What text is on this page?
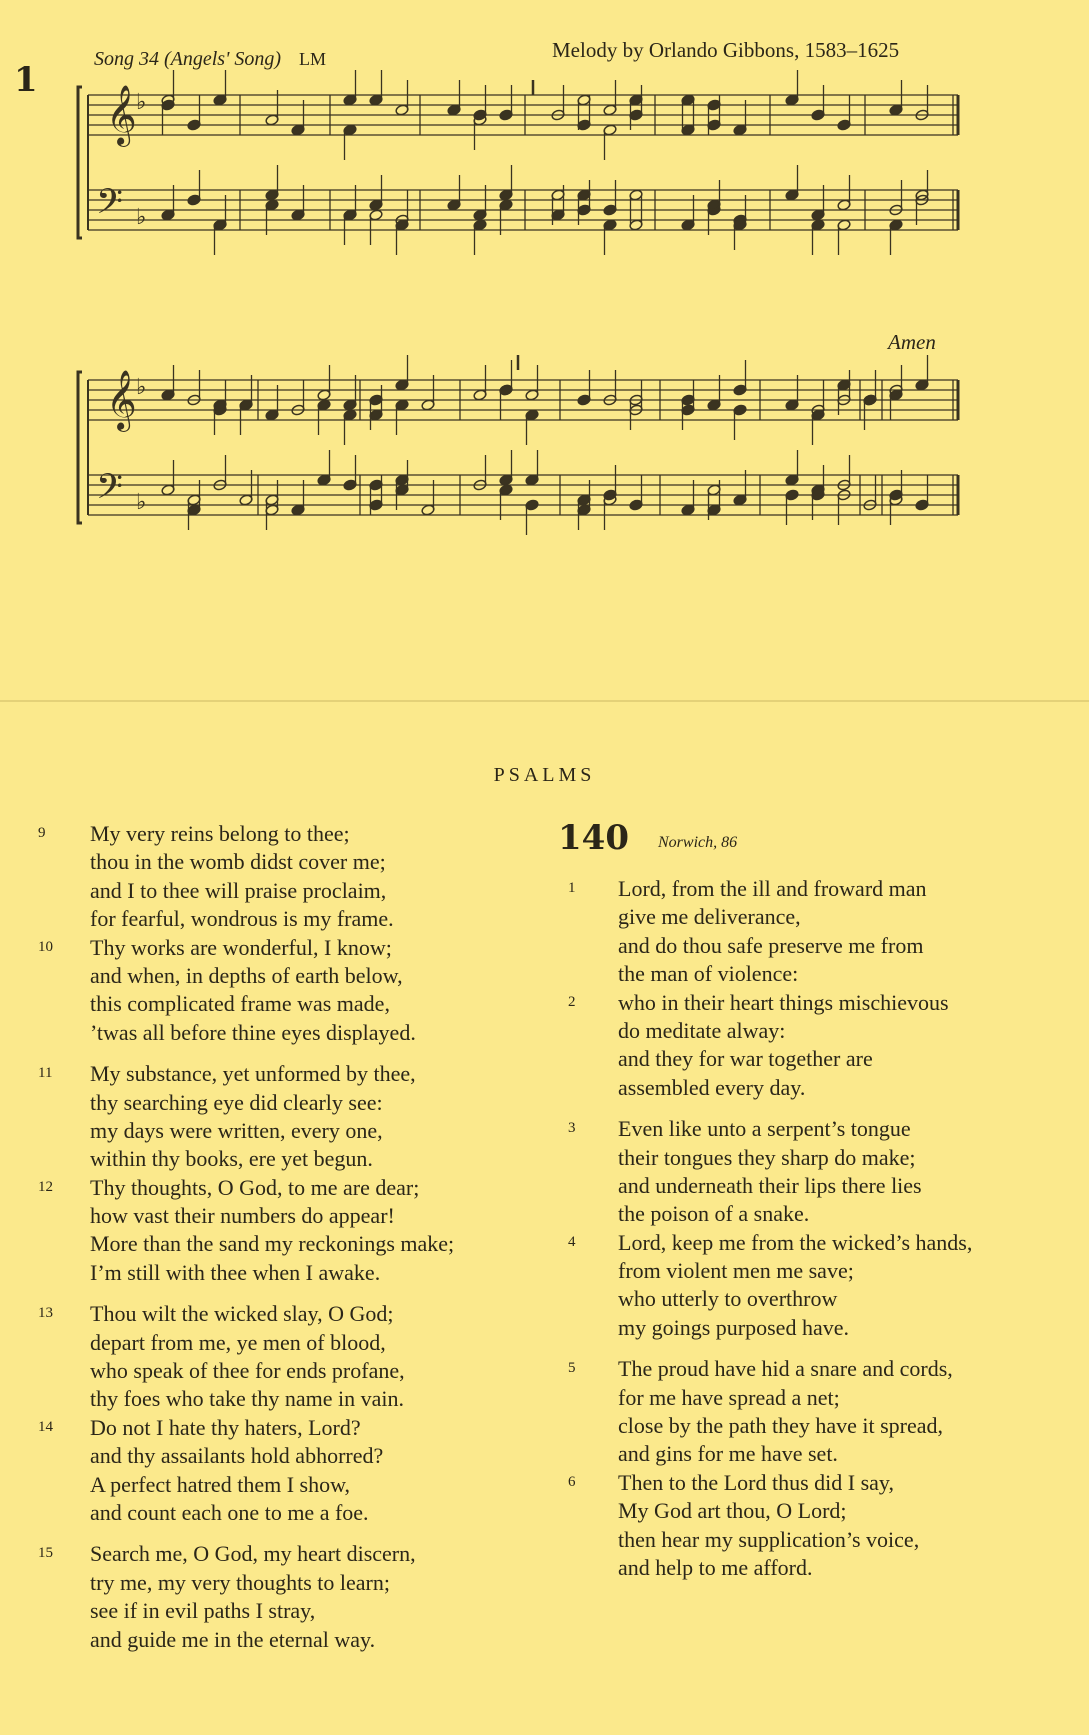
1
Song 34 (Angels' Song) LM	Melody by Orlando Gibbons, 1583–1625
Amen
𝄞
𝄢
♭
♭
𝄞
𝄢
♭
♭
PSALMS
9 My very reins belong to thee;
thou in the womb didst cover me;
and I to thee will praise proclaim,
for fearful, wondrous is my frame.
10 Thy works are wonderful, I know;
and when, in depths of earth below,
this complicated frame was made,
’twas all before thine eyes displayed.
11 My substance, yet unformed by thee,
thy searching eye did clearly see:
my days were written, every one,
within thy books, ere yet begun.
12 Thy thoughts, O God, to me are dear;
how vast their numbers do appear!
More than the sand my reckonings make;
I’m still with thee when I awake.
13 Thou wilt the wicked slay, O God;
depart from me, ye men of blood,
who speak of thee for ends profane,
thy foes who take thy name in vain.
14 Do not I hate thy haters, Lord?
and thy assailants hold abhorred?
A perfect hatred them I show,
and count each one to me a foe.
15 Search me, O God, my heart discern,
try me, my very thoughts to learn;
see if in evil paths I stray,
and guide me in the eternal way.
140 Norwich, 86
1 Lord, from the ill and froward man
give me deliverance,
and do thou safe preserve me from
the man of violence:
2 who in their heart things mischievous
do meditate alway:
and they for war together are
assembled every day.
3 Even like unto a serpent’s tongue
their tongues they sharp do make;
and underneath their lips there lies
the poison of a snake.
4 Lord, keep me from the wicked’s hands,
from violent men me save;
who utterly to overthrow
my goings purposed have.
5 The proud have hid a snare and cords,
for me have spread a net;
close by the path they have it spread,
and gins for me have set.
6 Then to the Lord thus did I say,
My God art thou, O Lord;
then hear my supplication’s voice,
and help to me afford.
